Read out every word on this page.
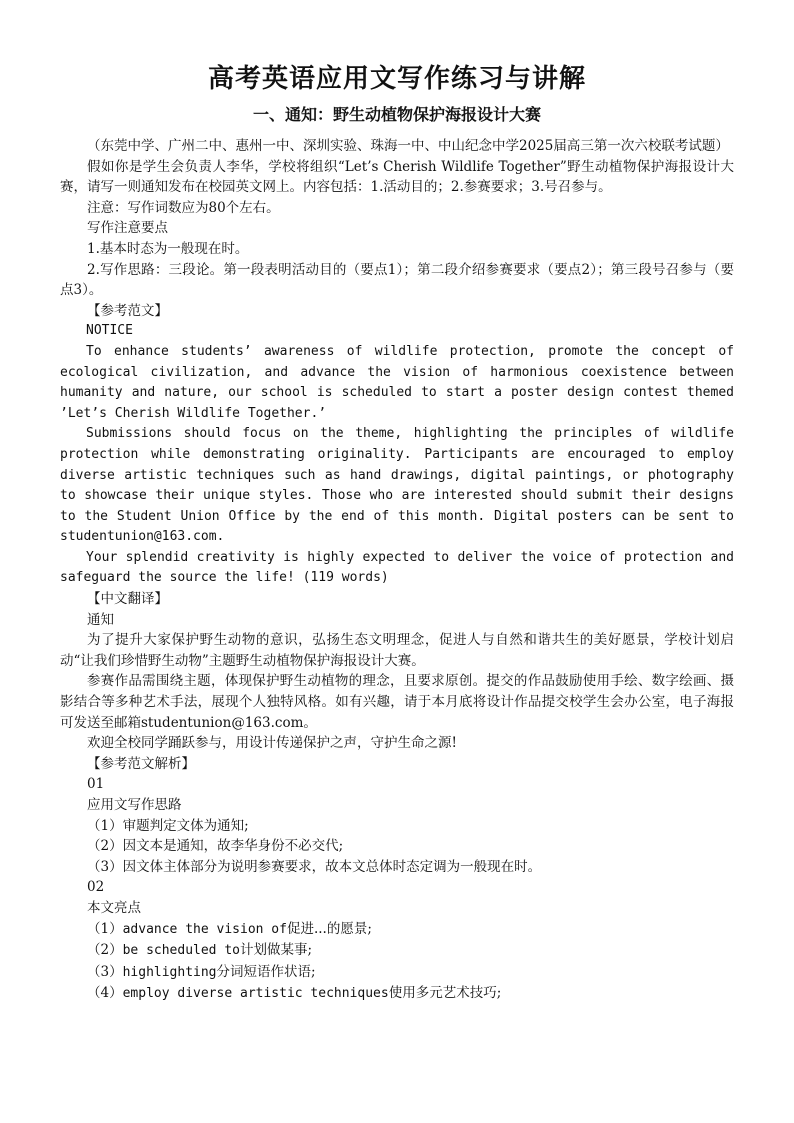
高考英语应用文写作练习与讲解
一、通知：野生动植物保护海报设计大赛

（东莞中学、广州二中、惠州一中、深圳实验、珠海一中、中山纪念中学2025届高三第一次六校联考试题）

假如你是学生会负责人李华，学校将组织“Let’s Cherish Wildlife Together”野生动植物保护海报设计大赛，请写一则通知发布在校园英文网上。内容包括：1.活动目的；2.参赛要求；3.号召参与。

注意：写作词数应为80个左右。

写作注意要点

1.基本时态为一般现在时。

2.写作思路：三段论。第一段表明活动目的（要点1）；第二段介绍参赛要求（要点2）；第三段号召参与（要点3）。

【参考范文】

NOTICE

To enhance students’ awareness of wildlife protection, promote the concept of ecological civilization, and advance the vision of harmonious coexistence between humanity and nature, our school is scheduled to start a poster design contest themed ’Let’s Cherish Wildlife Together.’

Submissions should focus on the theme, highlighting the principles of wildlife protection while demonstrating originality. Participants are encouraged to employ diverse artistic techniques such as hand drawings, digital paintings, or photography to showcase their unique styles. Those who are interested should submit their designs to the Student Union Office by the end of this month. Digital posters can be sent to studentunion@163.com.

Your splendid creativity is highly expected to deliver the voice of protection and safeguard the source the life! (119 words)

【中文翻译】

通知

为了提升大家保护野生动物的意识，弘扬生态文明理念，促进人与自然和谐共生的美好愿景，学校计划启动“让我们珍惜野生动物”主题野生动植物保护海报设计大赛。

参赛作品需围绕主题，体现保护野生动植物的理念，且要求原创。提交的作品鼓励使用手绘、数字绘画、摄影结合等多种艺术手法，展现个人独特风格。如有兴趣，请于本月底将设计作品提交校学生会办公室，电子海报可发送至邮箱studentunion@163.com。

欢迎全校同学踊跃参与，用设计传递保护之声，守护生命之源!

【参考范文解析】

01

应用文写作思路

（1）审题判定文体为通知;

（2）因文本是通知，故李华身份不必交代;

（3）因文体主体部分为说明参赛要求，故本文总体时态定调为一般现在时。

02

本文亮点

（1）advance the vision of促进...的愿景;

（2）be scheduled to计划做某事;

（3）highlighting分词短语作状语;

（4）employ diverse artistic techniques使用多元艺术技巧;
